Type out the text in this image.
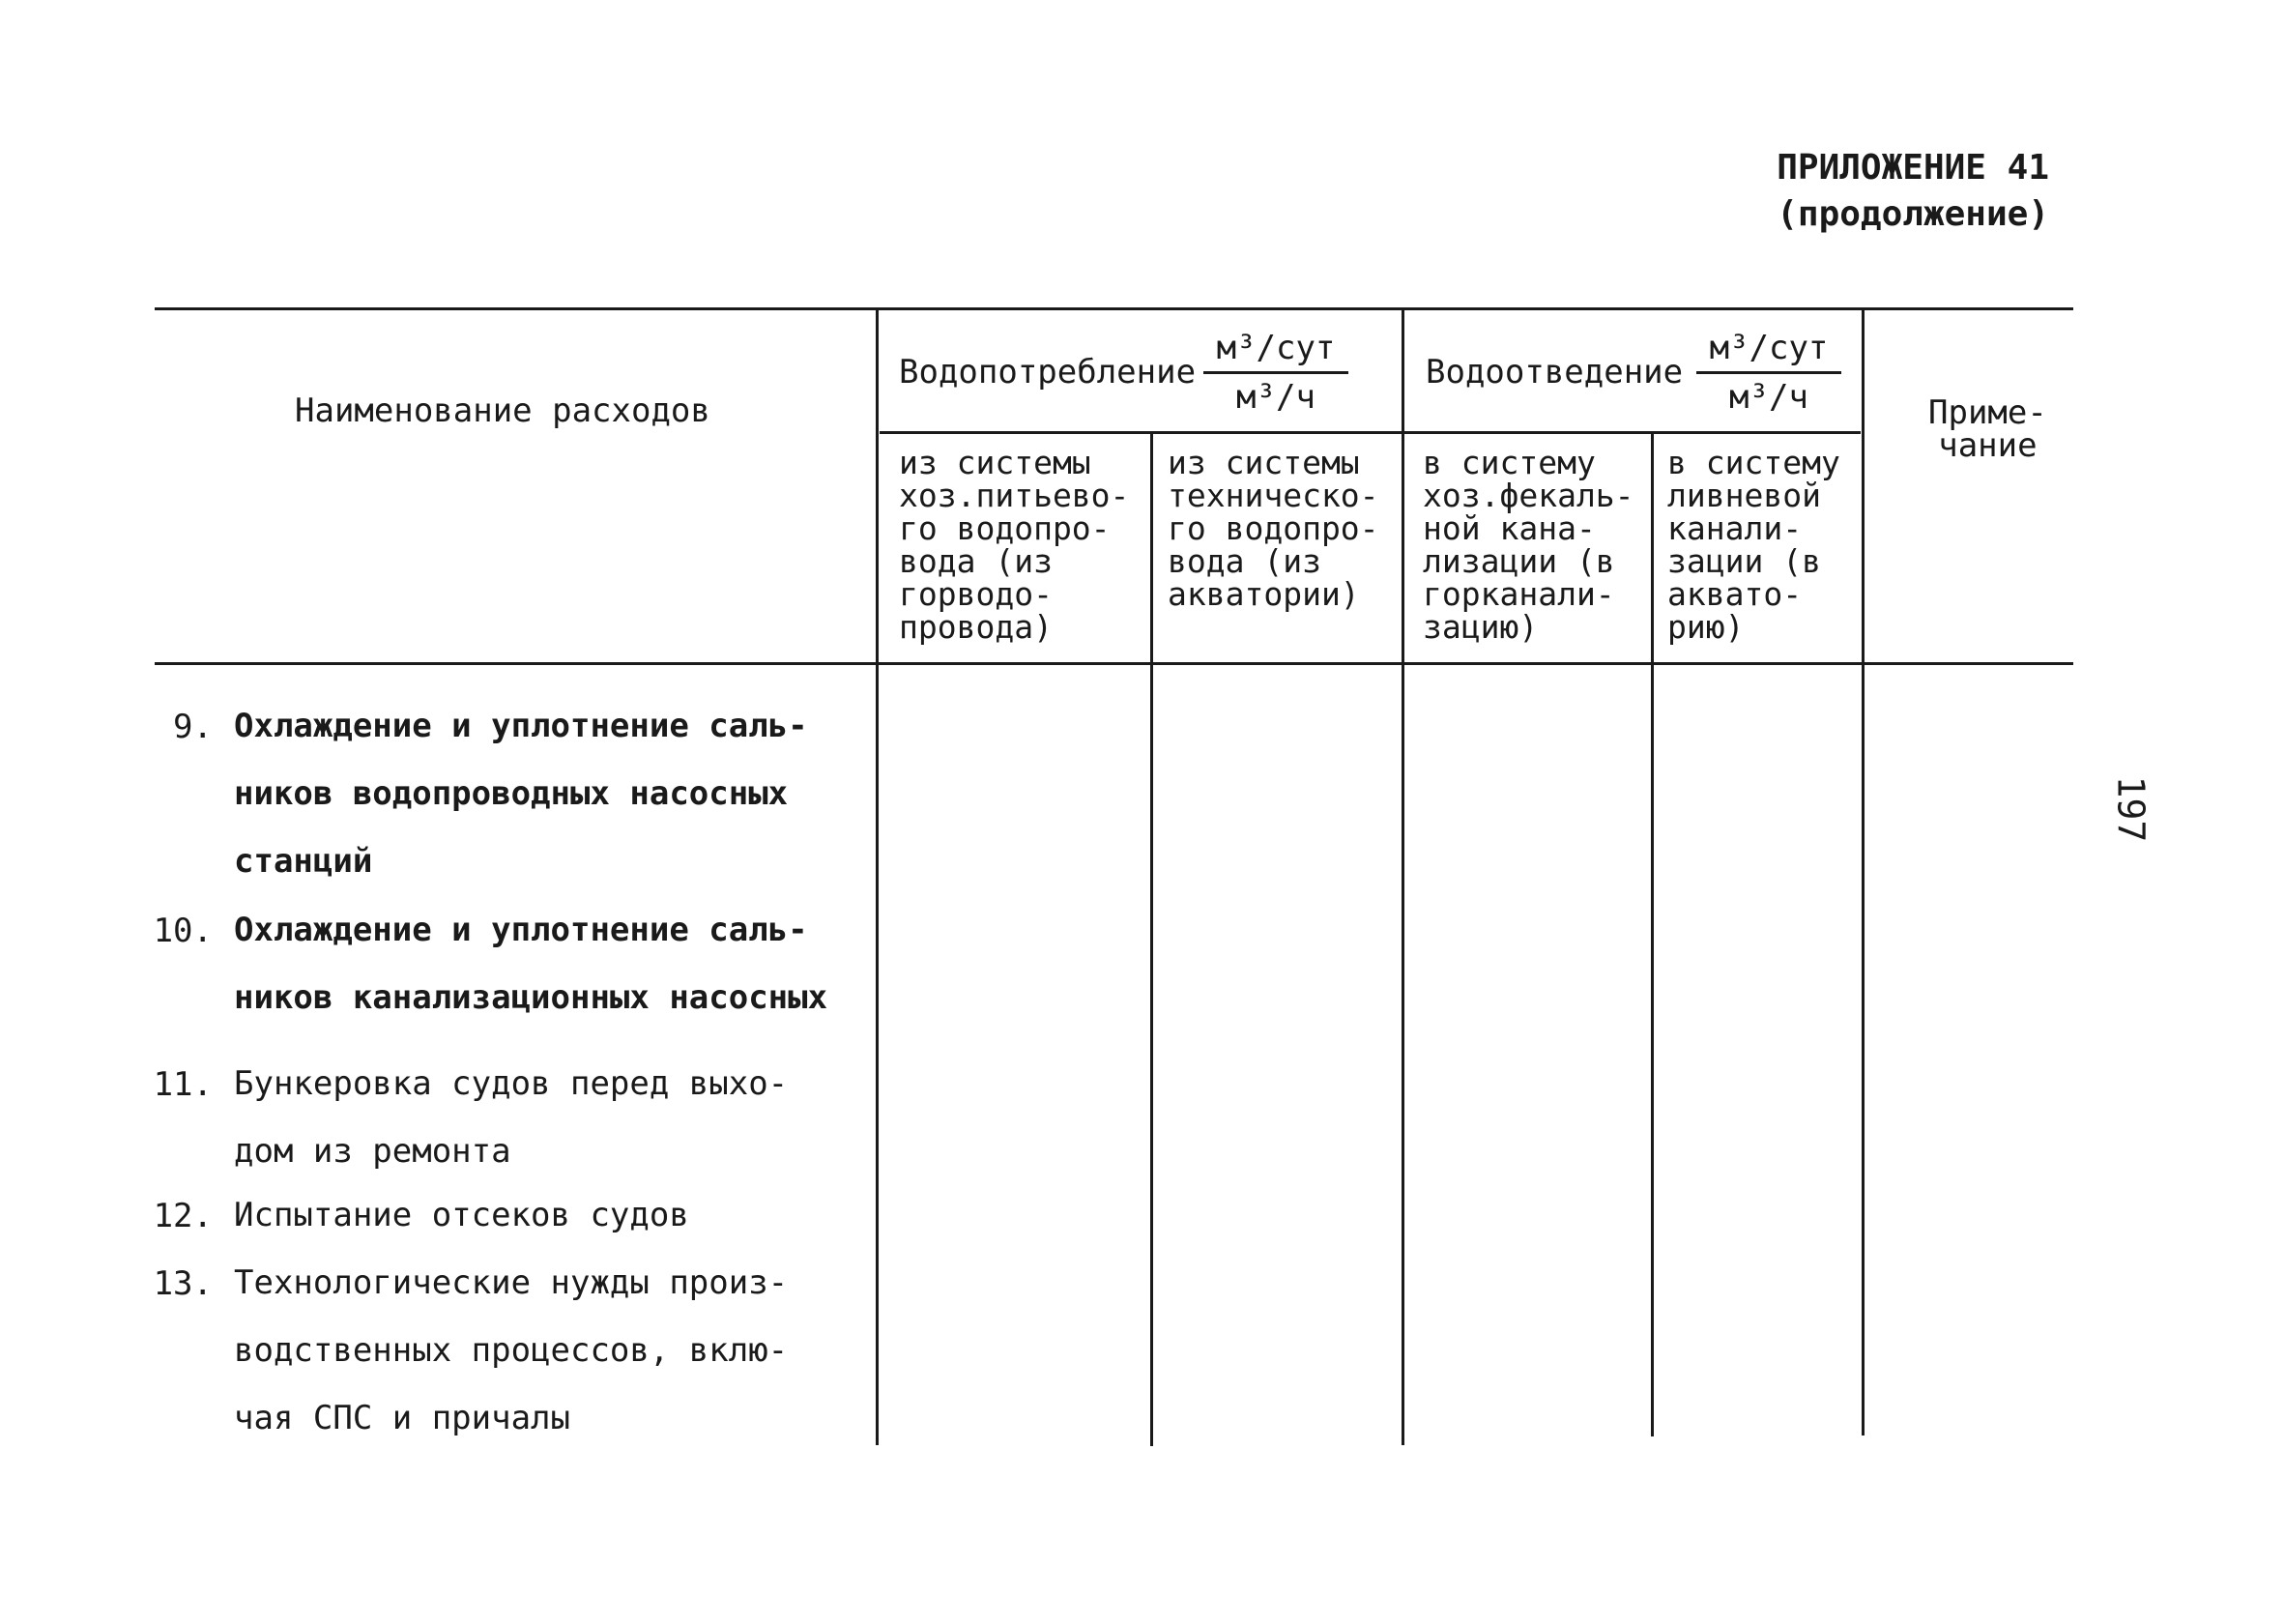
ПРИЛОЖЕНИЕ 41
(продолжение)
197
Наименование расходов
Водопотребление
м³/сут
м³/ч
Водоотведение
м³/сут
м³/ч	Приме-
чание
из системы
хоз.питьево-
го водопро-
вода (из
горводо-
провода)
из системы
техническо-
го водопро-
вода (из
акватории)
в систему
хоз.фекаль-
ной кана-
лизации (в
горканали-
зацию)
в систему
ливневой
канали-
зации (в
аквато-
рию)
9. Охлаждение и уплотнение саль-
ников водопроводных насосных
станций
10. Охлаждение и уплотнение саль-
ников канализационных насосных
11. Бункеровка судов перед выхо-
дом из ремонта
12. Испытание отсеков судов
13. Технологические нужды произ-
водственных процессов, вклю-
чая СПС и причалы
